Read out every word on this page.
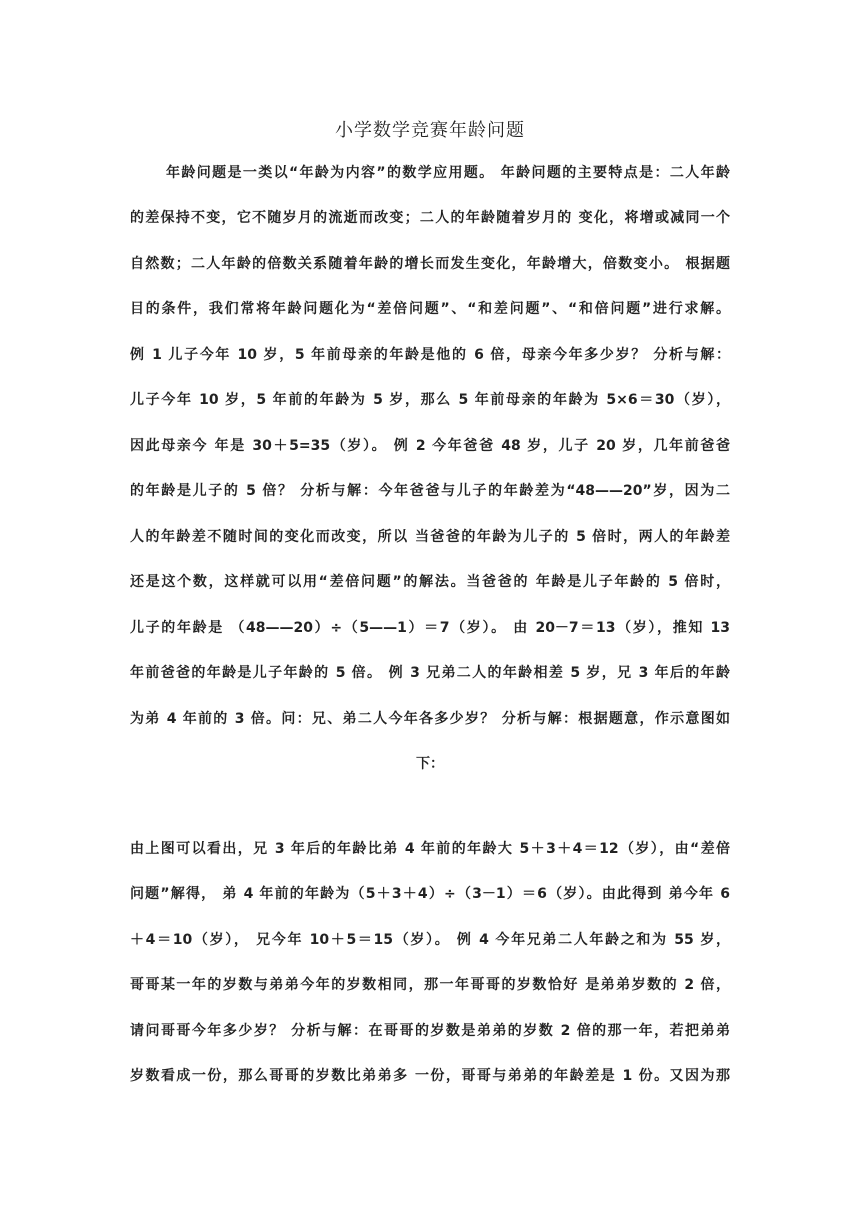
小学数学竞赛年龄问题
年龄问题是一类以“年龄为内容”的数学应用题。 年龄问题的主要特点是：二人年龄
的差保持不变，它不随岁月的流逝而改变；二人的年龄随着岁月的 变化，将增或减同一个
自然数；二人年龄的倍数关系随着年龄的增长而发生变化，年龄增大，倍数变小。 根据题
目的条件，我们常将年龄问题化为“差倍问题”、“和差问题”、“和倍问题”进行求解。
例 1 儿子今年 10 岁，5 年前母亲的年龄是他的 6 倍，母亲今年多少岁？ 分析与解：
儿子今年 10 岁，5 年前的年龄为 5 岁，那么 5 年前母亲的年龄为 5×6＝30（岁），
因此母亲今 年是 30＋5=35（岁）。 例 2 今年爸爸 48 岁，儿子 20 岁，几年前爸爸
的年龄是儿子的 5 倍？ 分析与解：今年爸爸与儿子的年龄差为“48——20”岁，因为二
人的年龄差不随时间的变化而改变，所以 当爸爸的年龄为儿子的 5 倍时，两人的年龄差
还是这个数，这样就可以用“差倍问题”的解法。当爸爸的 年龄是儿子年龄的 5 倍时，
儿子的年龄是 （48——20）÷（5——1）＝7（岁）。 由 20－7＝13（岁），推知 13
年前爸爸的年龄是儿子年龄的 5 倍。 例 3 兄弟二人的年龄相差 5 岁，兄 3 年后的年龄
为弟 4 年前的 3 倍。问：兄、弟二人今年各多少岁？ 分析与解：根据题意，作示意图如
下：
由上图可以看出，兄 3 年后的年龄比弟 4 年前的年龄大 5＋3＋4＝12（岁），由“差倍
问题”解得， 弟 4 年前的年龄为（5＋3＋4）÷（3－1）＝6（岁）。由此得到 弟今年 6
＋4＝10（岁）， 兄今年 10＋5＝15（岁）。 例 4 今年兄弟二人年龄之和为 55 岁，
哥哥某一年的岁数与弟弟今年的岁数相同，那一年哥哥的岁数恰好 是弟弟岁数的 2 倍，
请问哥哥今年多少岁？ 分析与解：在哥哥的岁数是弟弟的岁数 2 倍的那一年，若把弟弟
岁数看成一份，那么哥哥的岁数比弟弟多 一份，哥哥与弟弟的年龄差是 1 份。又因为那
